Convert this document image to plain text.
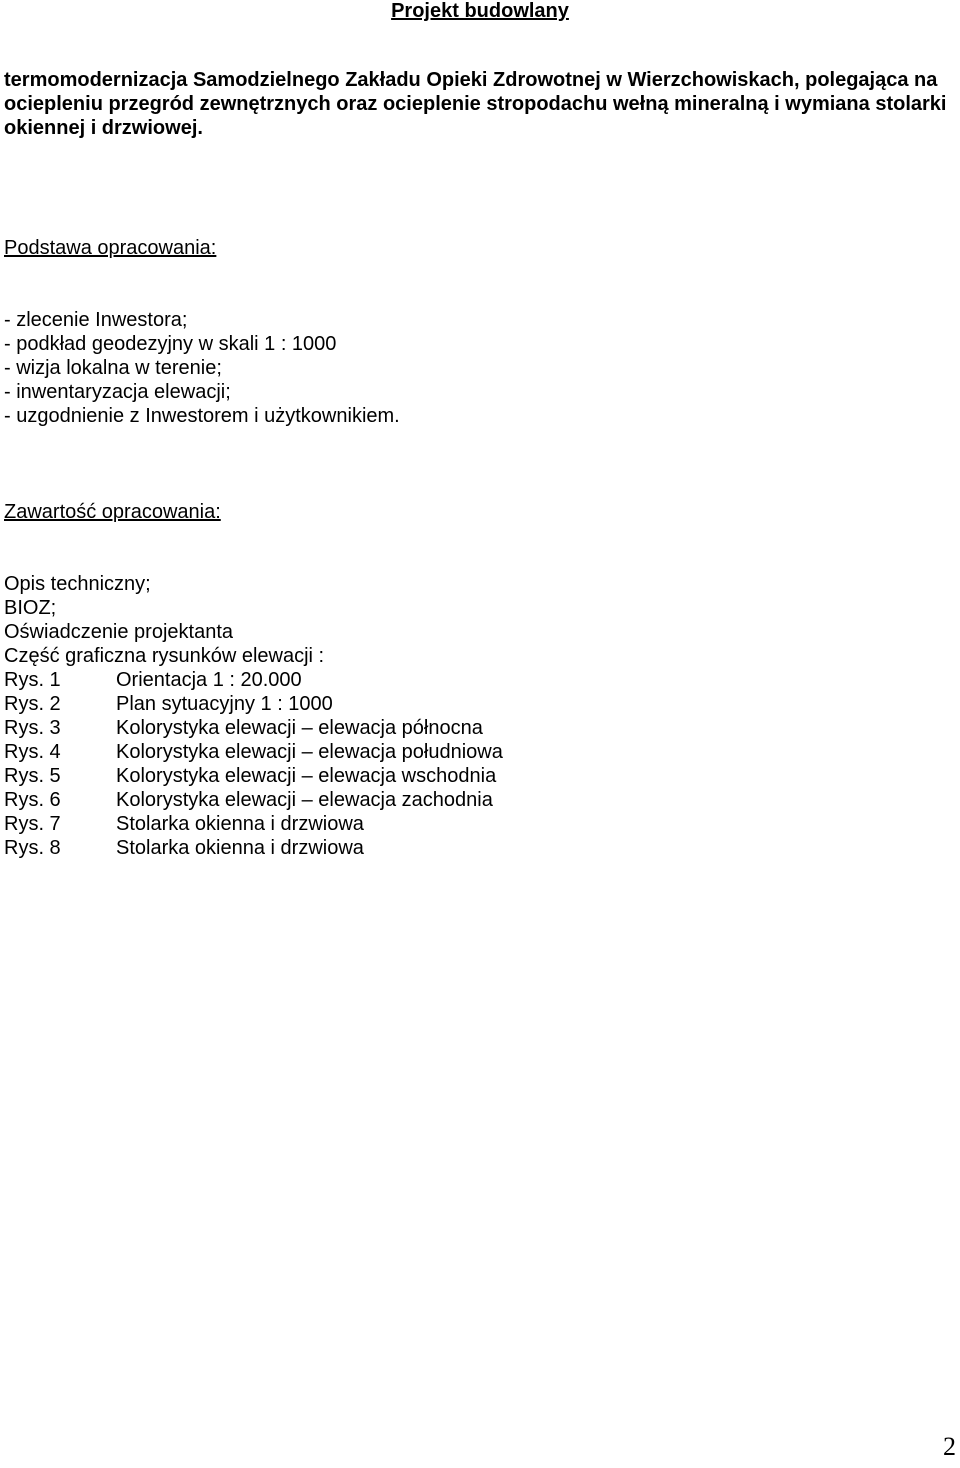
Projekt budowlany

termomodernizacja Samodzielnego Zakładu Opieki Zdrowotnej w Wierzchowiskach, polegająca na ociepleniu przegród zewnętrznych oraz ocieplenie stropodachu wełną mineralną i wymiana stolarki okiennej i drzwiowej.

Podstawa opracowania:

- zlecenie Inwestora;
- podkład geodezyjny w skali 1 : 1000
- wizja lokalna w terenie;
- inwentaryzacja elewacji;
- uzgodnienie z Inwestorem i użytkownikiem.

Zawartość opracowania:

Opis techniczny;
BIOZ;
Oświadczenie projektanta
Część graficzna rysunków elewacji :
Rys. 1	Orientacja 1 : 20.000
Rys. 2	Plan sytuacyjny 1 : 1000
Rys. 3	Kolorystyka elewacji – elewacja północna
Rys. 4	Kolorystyka elewacji – elewacja południowa
Rys. 5	Kolorystyka elewacji – elewacja wschodnia
Rys. 6	Kolorystyka elewacji – elewacja zachodnia
Rys. 7	Stolarka okienna i drzwiowa
Rys. 8	Stolarka okienna i drzwiowa
2
